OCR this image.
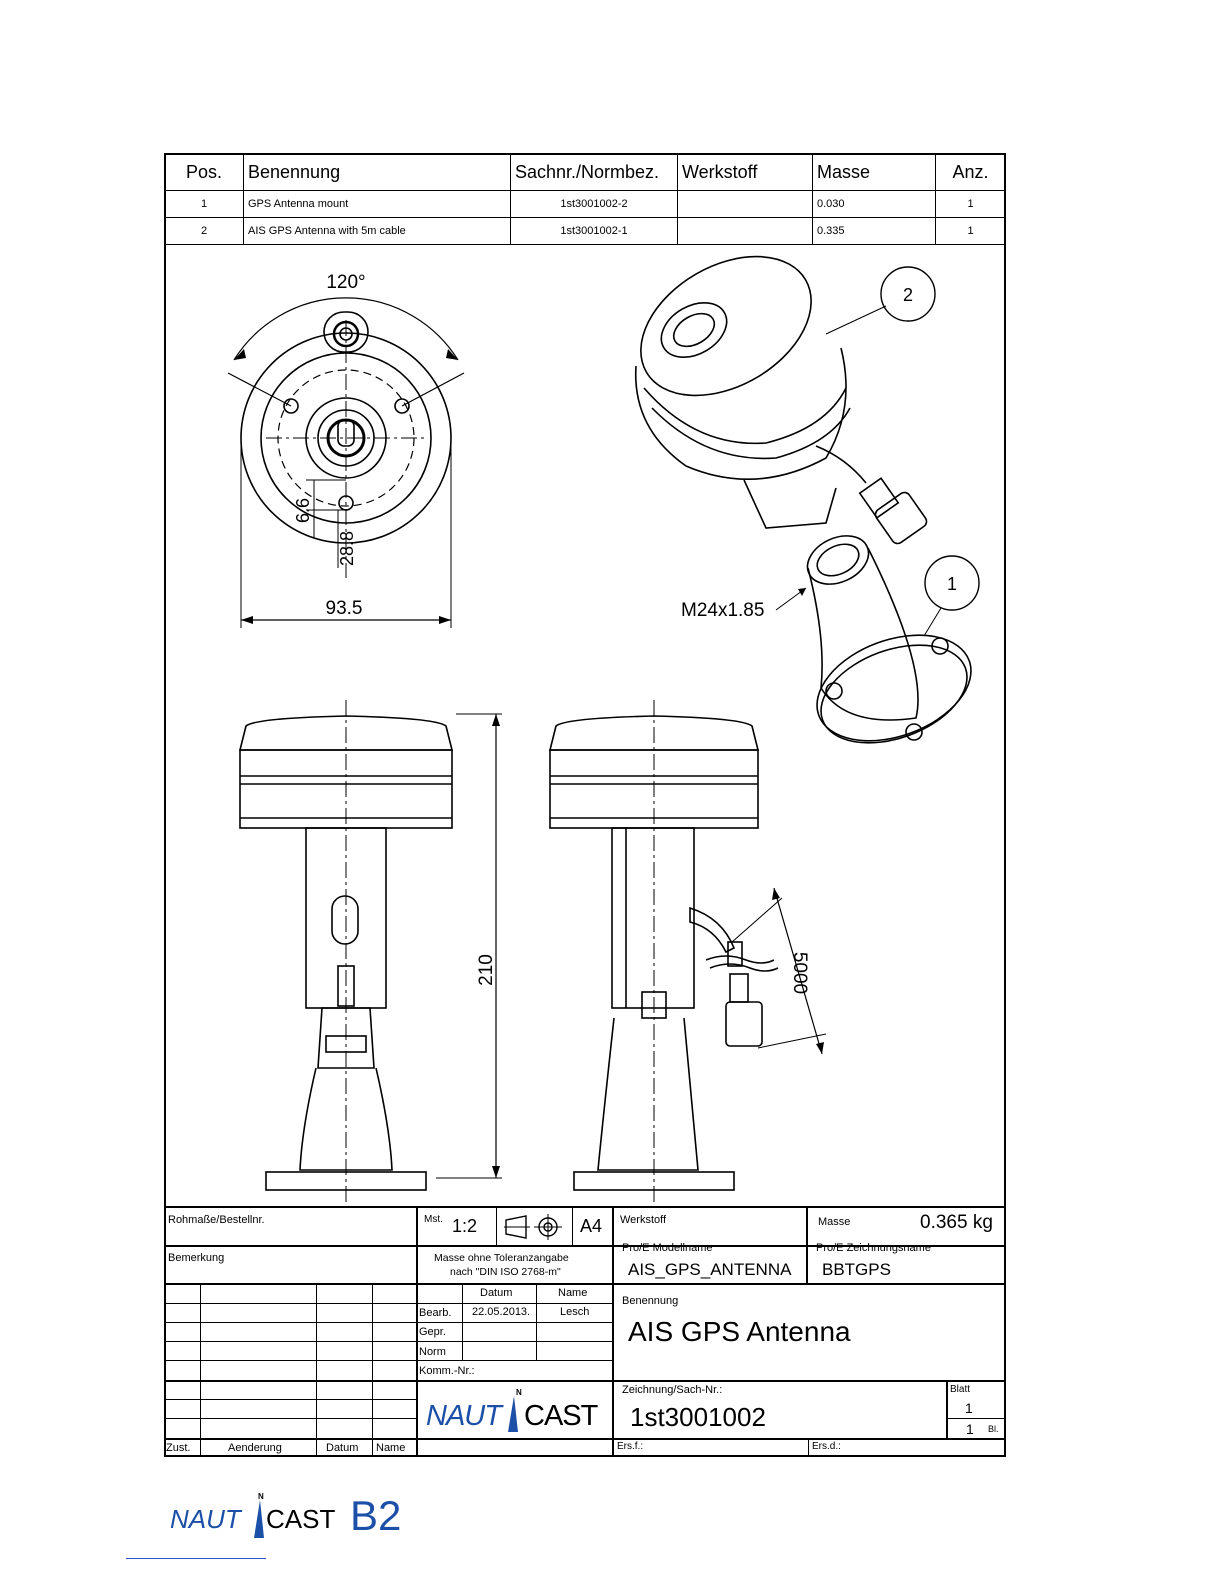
Pos.	Benennung	Sachnr./Normbez.	Werkstoff	Masse	Anz.
1	GPS Antenna mount	1st3001002-2		0.030	1
2	AIS GPS Antenna with 5m cable	1st3001002-1		0.335	1
120°
6.6
28.8
93.5
2
1
M24x1.85
210	5000
Rohmaße/Bestellnr.	Mst. 1:2	A4 Werkstoff	Masse	0.365 kg
Bemerkung	Masse ohne Toleranzangabe
nach "DIN ISO 2768-m"
Pro/E Modellname
AIS_GPS_ANTENNA
Pro/E Zeichnungsname
BBTGPS
Datum	Name
Bearb. 22.05.2013.	Lesch
Gepr.
Norm
Komm.-Nr.:
Benennung
AIS GPS Antenna
Zeichnung/Sach-Nr.:
1st3001002
Blatt
1
1 Bl.
Ers.f.:	Ers.d.:
Zust.	Aenderung	Datum Name
NAUT
N
CAST
NAUT
N
CAST B2
